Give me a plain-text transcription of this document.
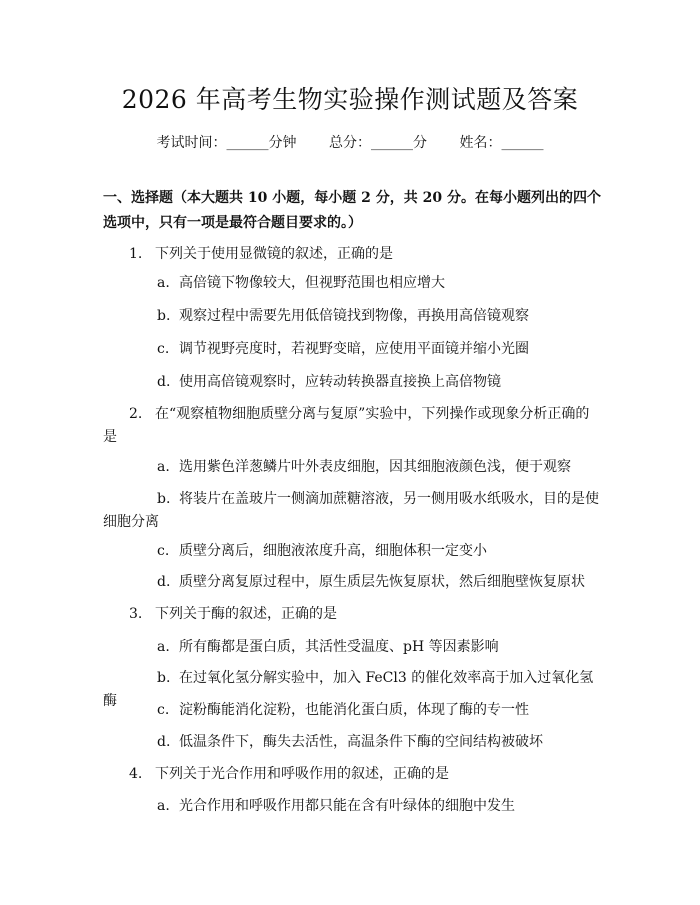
2026 年高考生物实验操作测试题及答案
考试时间：______分钟 总分：______分 姓名：______
一、选择题（本大题共 10 小题，每小题 2 分，共 20 分。在每小题列出的四个选项中，只有一项是最符合题目要求的。）
1. 下列关于使用显微镜的叙述，正确的是
a. 高倍镜下物像较大，但视野范围也相应增大
b. 观察过程中需要先用低倍镜找到物像，再换用高倍镜观察
c. 调节视野亮度时，若视野变暗，应使用平面镜并缩小光圈
d. 使用高倍镜观察时，应转动转换器直接换上高倍物镜
2. 在“观察植物细胞质壁分离与复原”实验中，下列操作或现象分析正确的是
a. 选用紫色洋葱鳞片叶外表皮细胞，因其细胞液颜色浅，便于观察
b. 将装片在盖玻片一侧滴加蔗糖溶液，另一侧用吸水纸吸水，目的是使细胞分离
c. 质壁分离后，细胞液浓度升高，细胞体积一定变小
d. 质壁分离复原过程中，原生质层先恢复原状，然后细胞壁恢复原状
3. 下列关于酶的叙述，正确的是
a. 所有酶都是蛋白质，其活性受温度、pH 等因素影响
b. 在过氧化氢分解实验中，加入 FeCl3 的催化效率高于加入过氧化氢酶
c. 淀粉酶能消化淀粉，也能消化蛋白质，体现了酶的专一性
d. 低温条件下，酶失去活性，高温条件下酶的空间结构被破坏
4. 下列关于光合作用和呼吸作用的叙述，正确的是
a. 光合作用和呼吸作用都只能在含有叶绿体的细胞中发生
